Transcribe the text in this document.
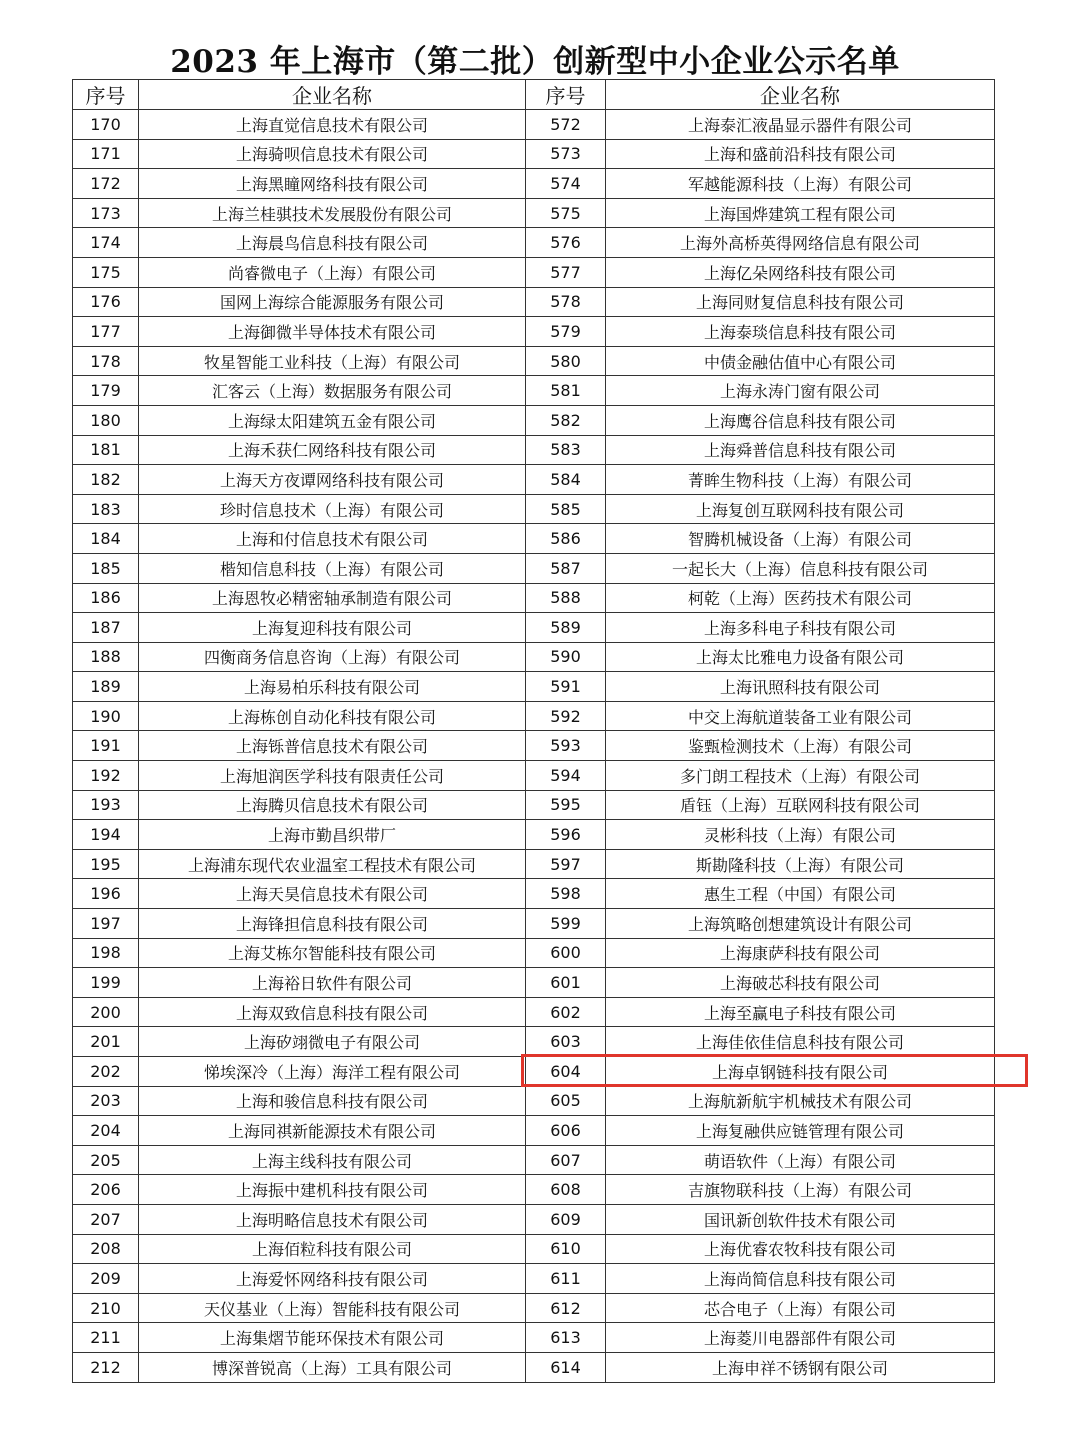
2023 年上海市（第二批）创新型中小企业公示名单
序号	企业名称	序号	企业名称
170	上海直觉信息技术有限公司	572	上海泰汇液晶显示器件有限公司
171	上海骑呗信息技术有限公司	573	上海和盛前沿科技有限公司
172	上海黑瞳网络科技有限公司	574	军越能源科技（上海）有限公司
173	上海兰桂骐技术发展股份有限公司	575	上海国烨建筑工程有限公司
174	上海晨鸟信息科技有限公司	576	上海外高桥英得网络信息有限公司
175	尚睿微电子（上海）有限公司	577	上海亿朵网络科技有限公司
176	国网上海综合能源服务有限公司	578	上海同财复信息科技有限公司
177	上海御微半导体技术有限公司	579	上海泰琰信息科技有限公司
178	牧星智能工业科技（上海）有限公司	580	中债金融估值中心有限公司
179	汇客云（上海）数据服务有限公司	581	上海永涛门窗有限公司
180	上海绿太阳建筑五金有限公司	582	上海鹰谷信息科技有限公司
181	上海禾获仁网络科技有限公司	583	上海舜普信息科技有限公司
182	上海天方夜谭网络科技有限公司	584	菁眸生物科技（上海）有限公司
183	珍时信息技术（上海）有限公司	585	上海复创互联网科技有限公司
184	上海和付信息技术有限公司	586	智腾机械设备（上海）有限公司
185	楷知信息科技（上海）有限公司	587	一起长大（上海）信息科技有限公司
186	上海恩牧必精密轴承制造有限公司	588	柯乾（上海）医药技术有限公司
187	上海复迎科技有限公司	589	上海多科电子科技有限公司
188	四衡商务信息咨询（上海）有限公司	590	上海太比雅电力设备有限公司
189	上海易柏乐科技有限公司	591	上海讯照科技有限公司
190	上海栋创自动化科技有限公司	592	中交上海航道装备工业有限公司
191	上海铄普信息技术有限公司	593	鉴甄检测技术（上海）有限公司
192	上海旭润医学科技有限责任公司	594	多门朗工程技术（上海）有限公司
193	上海腾贝信息技术有限公司	595	盾钰（上海）互联网科技有限公司
194	上海市勤昌织带厂	596	灵彬科技（上海）有限公司
195	上海浦东现代农业温室工程技术有限公司	597	斯勘隆科技（上海）有限公司
196	上海天昊信息技术有限公司	598	惠生工程（中国）有限公司
197	上海锋担信息科技有限公司	599	上海筑略创想建筑设计有限公司
198	上海艾栋尔智能科技有限公司	600	上海康萨科技有限公司
199	上海裕日软件有限公司	601	上海破芯科技有限公司
200	上海双致信息科技有限公司	602	上海至赢电子科技有限公司
201	上海矽翊微电子有限公司	603	上海佳依佳信息科技有限公司
202	悌埃深冷（上海）海洋工程有限公司	604	上海卓钢链科技有限公司
203	上海和骏信息科技有限公司	605	上海航新航宇机械技术有限公司
204	上海同祺新能源技术有限公司	606	上海复融供应链管理有限公司
205	上海主线科技有限公司	607	萌语软件（上海）有限公司
206	上海振中建机科技有限公司	608	吉旗物联科技（上海）有限公司
207	上海明略信息技术有限公司	609	国讯新创软件技术有限公司
208	上海佰粒科技有限公司	610	上海优睿农牧科技有限公司
209	上海爱怀网络科技有限公司	611	上海尚简信息科技有限公司
210	天仪基业（上海）智能科技有限公司	612	芯合电子（上海）有限公司
211	上海集熠节能环保技术有限公司	613	上海菱川电器部件有限公司
212	博深普锐高（上海）工具有限公司	614	上海申祥不锈钢有限公司
